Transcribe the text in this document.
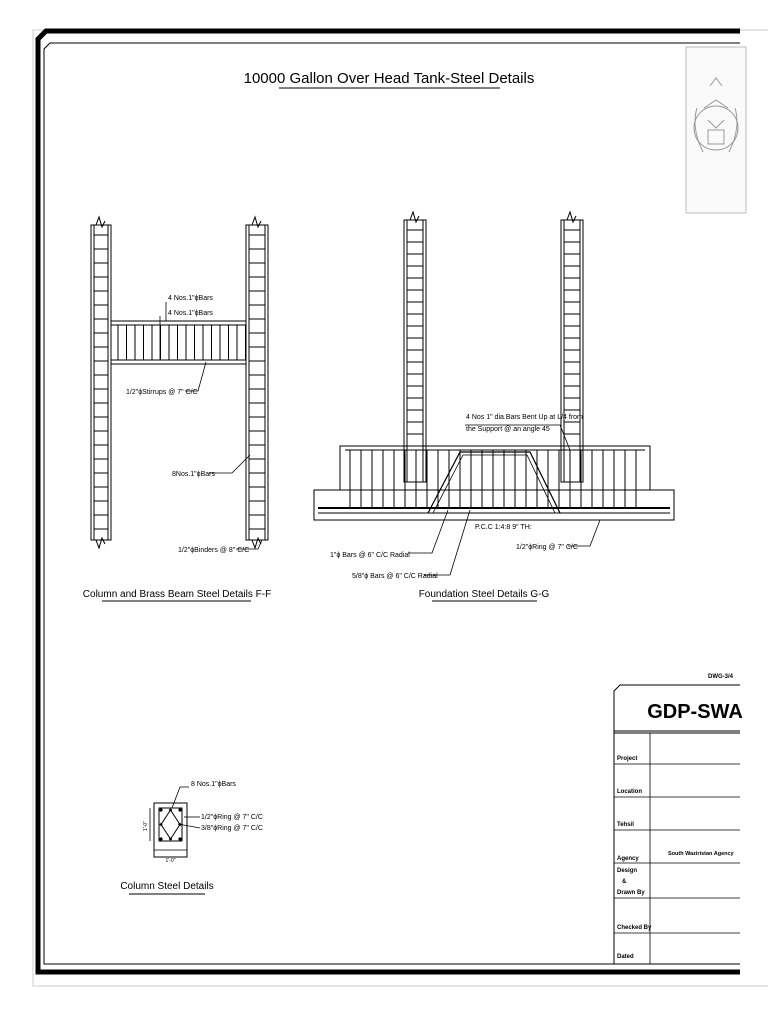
10000 Gallon Over Head Tank-Steel Details
4 Nos.1"ϕBars
4 Nos.1"ϕBars
1/2"ϕStirrups @ 7" C/C
8Nos.1"ϕBars
1/2"ϕBinders @ 8" C/C
Column and Brass Beam Steel Details F-F
4 Nos 1" dia.Bars Bent Up at L/4 from
the Support @ an angle 45
P.C.C 1:4:8 9" TH:
1/2"ϕRing @ 7" C/C
1"ϕ Bars @ 6" C/C Radial
5/8"ϕ Bars @ 6" C/C Radial
Foundation Steel Details G-G
8 Nos.1"ϕBars
1/2"ϕRing @ 7" C/C
3/8"ϕRing @ 7" C/C
1'-0"
1'-0"
Column Steel Details
DWG-3/4
GDP-SWA
Project
Location
Tehsil
Agency
South Waziristan Agency
Design
&
Drawn By
Checked By
Dated
